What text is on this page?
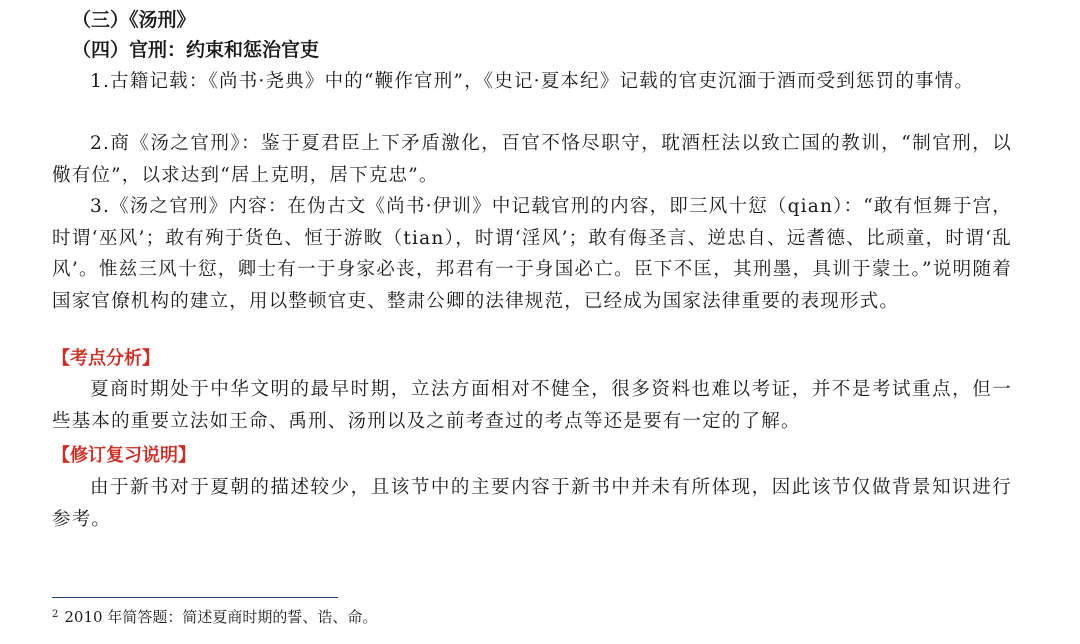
（三）《汤刑》
（四）官刑：约束和惩治官吏
1.古籍记载：《尚书·尧典》中的“鞭作官刑”，《史记·夏本纪》记载的官吏沉湎于酒而受到惩罚的事情。
2.商《汤之官刑》：鉴于夏君臣上下矛盾激化，百官不恪尽职守，耽酒枉法以致亡国的教训，“制官刑，以儆有位”，以求达到“居上克明，居下克忠”。
3.《汤之官刑》内容：在伪古文《尚书·伊训》中记载官刑的内容，即三风十愆（qian）：“敢有恒舞于宫，时谓‘巫风’；敢有殉于货色、恒于游畋（tian），时谓‘淫风’；敢有侮圣言、逆忠自、远耆德、比顽童，时谓‘乱风’。惟兹三风十愆，卿士有一于身家必丧，邦君有一于身国必亡。臣下不匡，其刑墨，具训于蒙土。”说明随着国家官僚机构的建立，用以整顿官吏、整肃公卿的法律规范，已经成为国家法律重要的表现形式。
【考点分析】
夏商时期处于中华文明的最早时期，立法方面相对不健全，很多资料也难以考证，并不是考试重点，但一些基本的重要立法如王命、禹刑、汤刑以及之前考查过的考点等还是要有一定的了解。
【修订复习说明】
由于新书对于夏朝的描述较少，且该节中的主要内容于新书中并未有所体现，因此该节仅做背景知识进行参考。
$^2$ 2010 年简答题：简述夏商时期的誓、诰、命。
